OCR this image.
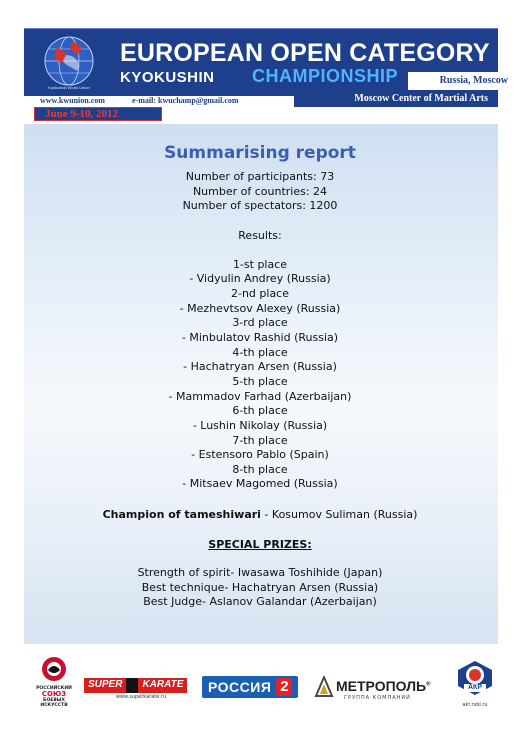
Kyokushin World Union
EUROPEAN OPEN CATEGORY
KYOKUSHIN CHAMPIONSHIP	Russia, Moscow
www.kwunion.com	e-mail: kwuchamp@gmail.com	Moscow Center of Martial Arts
June 9-10, 2012
Summarising report
Number of participants: 73
Number of countries: 24
Number of spectators: 1200
Results:
1-st place
- Vidyulin Andrey (Russia)
2-nd place
- Mezhevtsov Alexey (Russia)
3-rd place
- Minbulatov Rashid (Russia)
4-th place
- Hachatryan Arsen (Russia)
5-th place
- Mammadov Farhad (Azerbaijan)
6-th place
- Lushin Nikolay (Russia)
7-th place
- Estensoro Pablo (Spain)
8-th place
- Mitsaev Magomed (Russia)
Champion of tameshiwari - Kosumov Suliman (Russia)
SPECIAL PRIZES:
Strength of spirit- Iwasawa Toshihide (Japan)
Best technique- Hachatryan Arsen (Russia)
Best Judge- Aslanov Galandar (Azerbaijan)
РОССИЙСКИЙ
СОЮЗ
БОЕВЫХ
ИСКУССТВ
SUPER	KARATE
www.superkarate.ru
РОССИЯ 2	МЕТРОПОЛЬ®
ГРУППА КОМПАНИЙ
АКР
akr.rsbi.ru
